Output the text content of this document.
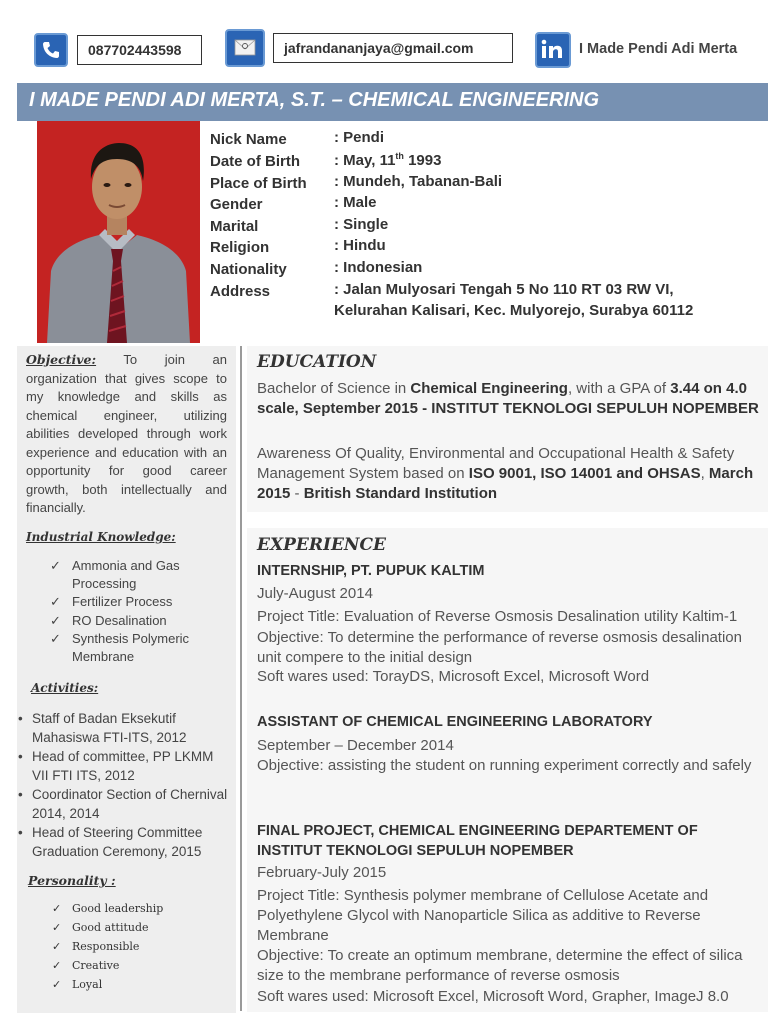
087702443598	jafrandananjaya@gmail.com	I Made Pendi Adi Merta
I MADE PENDI ADI MERTA, S.T. – CHEMICAL ENGINEERING
Nick Name	: Pendi
Date of Birth : May, 11th 1993
Place of Birth : Mundeh, Tabanan-Bali
Gender	: Male
Marital	: Single
Religion	: Hindu
Nationality	: Indonesian
Address	: Jalan Mulyosari Tengah 5 No 110 RT 03 RW VI,
Kelurahan Kalisari, Kec. Mulyorejo, Surabya 60112
Objective: To join an organization that gives scope to my knowledge and skills as chemical engineer, utilizing abilities developed through work experience and education with an opportunity for good career growth, both intellectually and financially.
Industrial Knowledge:
✓ Ammonia and Gas Processing
✓ Fertilizer Process
✓ RO Desalination
✓ Synthesis Polymeric Membrane
Activities:
• Staff of Badan Eksekutif Mahasiswa FTI-ITS, 2012
• Head of committee, PP LKMM VII FTI ITS, 2012
• Coordinator Section of Chernival 2014, 2014
• Head of Steering Committee Graduation Ceremony, 2015
Personality :
✓ Good leadership
✓ Good attitude
✓ Responsible
✓ Creative
✓ Loyal
EDUCATION
Bachelor of Science in Chemical Engineering, with a GPA of 3.44 on 4.0 scale, September 2015 - INSTITUT TEKNOLOGI SEPULUH NOPEMBER
Awareness Of Quality, Environmental and Occupational Health & Safety Management System based on ISO 9001, ISO 14001 and OHSAS, March 2015 - British Standard Institution
EXPERIENCE
INTERNSHIP, PT. PUPUK KALTIM
July-August 2014
Project Title: Evaluation of Reverse Osmosis Desalination utility Kaltim-1
Objective: To determine the performance of reverse osmosis desalination unit compere to the initial design
Soft wares used: TorayDS, Microsoft Excel, Microsoft Word
ASSISTANT OF CHEMICAL ENGINEERING LABORATORY
September – December 2014
Objective: assisting the student on running experiment correctly and safely
FINAL PROJECT, CHEMICAL ENGINEERING DEPARTEMENT OF INSTITUT TEKNOLOGI SEPULUH NOPEMBER
February-July 2015
Project Title: Synthesis polymer membrane of Cellulose Acetate and Polyethylene Glycol with Nanoparticle Silica as additive to Reverse Membrane
Objective: To create an optimum membrane, determine the effect of silica size to the membrane performance of reverse osmosis
Soft wares used: Microsoft Excel, Microsoft Word, Grapher, ImageJ 8.0
